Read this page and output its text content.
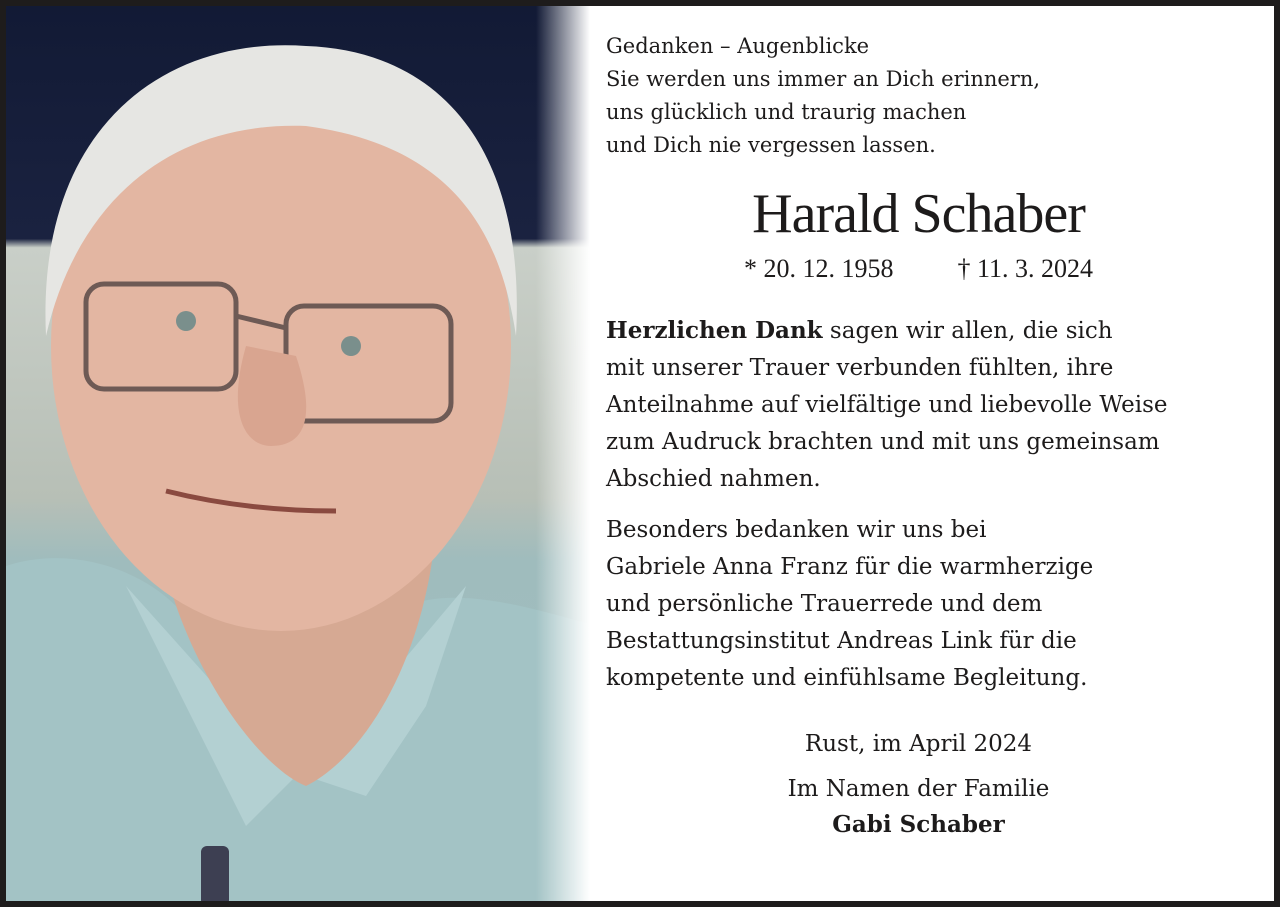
Gedanken – Augenblicke
Sie werden uns immer an Dich erinnern,
uns glücklich und traurig machen
und Dich nie vergessen lassen.
Harald Schaber
* 20. 12. 1958 † 11. 3. 2024
Herzlichen Dank sagen wir allen, die sich
mit unserer Trauer verbunden fühlten, ihre
Anteilnahme auf vielfältige und liebevolle Weise
zum Audruck brachten und mit uns gemeinsam
Abschied nahmen.
Besonders bedanken wir uns bei
Gabriele Anna Franz für die warmherzige
und persönliche Trauerrede und dem
Bestattungsinstitut Andreas Link für die
kompetente und einfühlsame Begleitung.
Rust, im April 2024
Im Namen der Familie
Gabi Schaber
